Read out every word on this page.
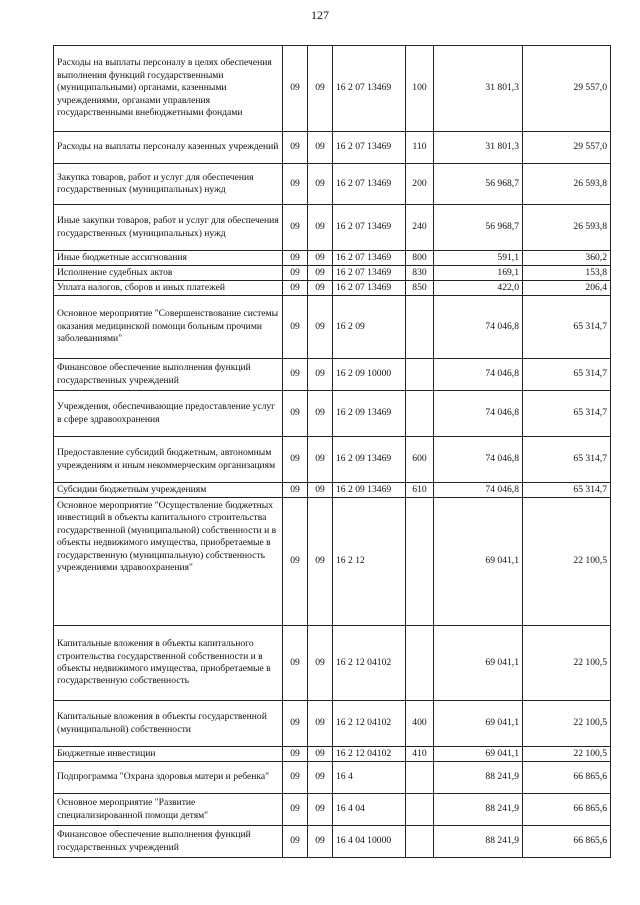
127
Расходы на выплаты персоналу в целях обеспечения выполнения функций государственными (муниципальными) органами, казенными учреждениями, органами управления государственными внебюджетными фондами	09	09	16 2 07 13469	100	31 801,3	29 557,0
Расходы на выплаты персоналу казенных учреждений	09	09	16 2 07 13469	110	31 801,3	29 557,0
Закупка товаров, работ и услуг для обеспечения государственных (муниципальных) нужд	09	09	16 2 07 13469	200	56 968,7	26 593,8
Иные закупки товаров, работ и услуг для обеспечения государственных (муниципальных) нужд	09	09	16 2 07 13469	240	56 968,7	26 593,8
Иные бюджетные ассигнования	09	09	16 2 07 13469	800	591,1	360,2
Исполнение судебных актов	09	09	16 2 07 13469	830	169,1	153,8
Уплата налогов, сборов и иных платежей	09	09	16 2 07 13469	850	422,0	206,4
Основное мероприятие "Совершенствование системы оказания медицинской помощи больным прочими заболеваниями"	09	09	16 2 09		74 046,8	65 314,7
Финансовое обеспечение выполнения функций государственных учреждений	09	09	16 2 09 10000		74 046,8	65 314,7
Учреждения, обеспечивающие предоставление услуг в сфере здравоохранения	09	09	16 2 09 13469		74 046,8	65 314,7
Предоставление субсидий бюджетным, автономным учреждениям и иным некоммерческим организациям	09	09	16 2 09 13469	600	74 046,8	65 314,7
Субсидии бюджетным учреждениям	09	09	16 2 09 13469	610	74 046,8	65 314,7
Основное мероприятие "Осуществление бюджетных инвестиций в объекты капитального строительства государственной (муниципальной) собственности и в объекты недвижимого имущества, приобретаемые в государственную (муниципальную) собственность учреждениями здравоохранения"	09	09	16 2 12		69 041,1	22 100,5
Капитальные вложения в объекты капитального строительства государственной собственности и в объекты недвижимого имущества, приобретаемые в государственную собственность	09	09	16 2 12 04102		69 041,1	22 100,5
Капитальные вложения в объекты государственной (муниципальной) собственности	09	09	16 2 12 04102	400	69 041,1	22 100,5
Бюджетные инвестиции	09	09	16 2 12 04102	410	69 041,1	22 100,5
Подпрограмма "Охрана здоровья матери и ребенка"	09	09	16 4		88 241,9	66 865,6
Основное мероприятие "Развитие специализированной помощи детям"	09	09	16 4 04		88 241,9	66 865,6
Финансовое обеспечение выполнения функций государственных учреждений	09	09	16 4 04 10000		88 241,9	66 865,6
